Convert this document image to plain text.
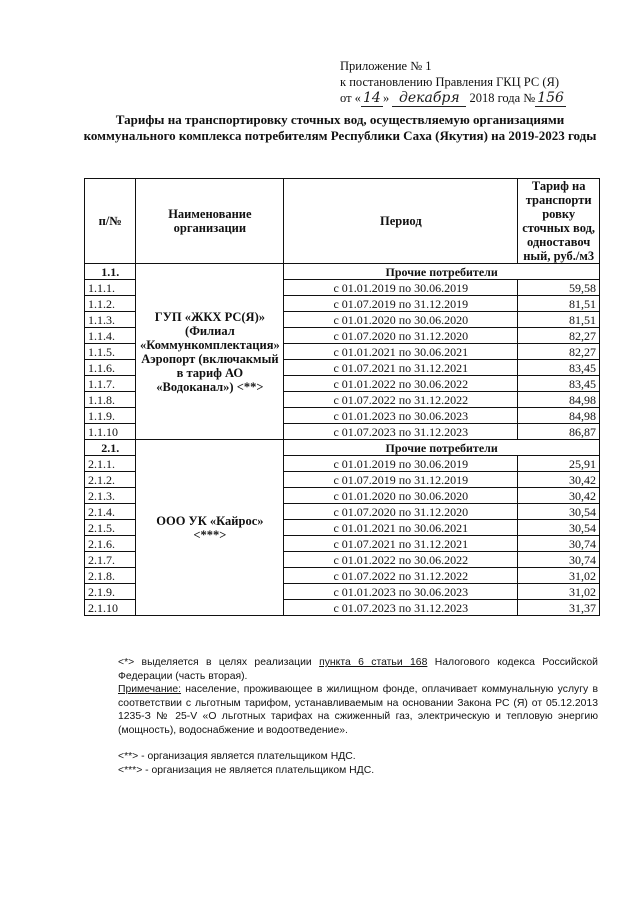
Приложение № 1
к постановлению Правления ГКЦ РС (Я)
от « 14 » декабря 2018 года № 156
Тарифы на транспортировку сточных вод, осуществляемую организациями коммунального комплекса потребителям Республики Саха (Якутия) на 2019-2023 годы
п/№	Наименование организации	Период	Тариф на транспорти ровку сточных вод, одноставоч ный, руб./м3
1.1.	ГУП «ЖКХ РС(Я)» (Филиал «Коммункомплектация» Аэропорт (включакмый в тариф АО «Водоканал») <**>	Прочие потребители	
1.1.1.		с 01.01.2019 по 30.06.2019	59,58
1.1.2.		с 01.07.2019 по 31.12.2019	81,51
1.1.3.		с 01.01.2020 по 30.06.2020	81,51
1.1.4.		с 01.07.2020 по 31.12.2020	82,27
1.1.5.		с 01.01.2021 по 30.06.2021	82,27
1.1.6.		с 01.07.2021 по 31.12.2021	83,45
1.1.7.		с 01.01.2022 по 30.06.2022	83,45
1.1.8.		с 01.07.2022 по 31.12.2022	84,98
1.1.9.		с 01.01.2023 по 30.06.2023	84,98
1.1.10		с 01.07.2023 по 31.12.2023	86,87
2.1.	ООО УК «Кайрос» <***>	Прочие потребители	
2.1.1.		с 01.01.2019 по 30.06.2019	25,91
2.1.2.		с 01.07.2019 по 31.12.2019	30,42
2.1.3.		с 01.01.2020 по 30.06.2020	30,42
2.1.4.		с 01.07.2020 по 31.12.2020	30,54
2.1.5.		с 01.01.2021 по 30.06.2021	30,54
2.1.6.		с 01.07.2021 по 31.12.2021	30,74
2.1.7.		с 01.01.2022 по 30.06.2022	30,74
2.1.8.		с 01.07.2022 по 31.12.2022	31,02
2.1.9.		с 01.01.2023 по 30.06.2023	31,02
2.1.10		с 01.07.2023 по 31.12.2023	31,37

<*> выделяется в целях реализации пункта 6 статьи 168 Налогового кодекса Российской Федерации (часть вторая).

Примечание: население, проживающее в жилищном фонде, оплачивает коммунальную услугу в соответствии с льготным тарифом, устанавливаемым на основании Закона РС (Я) от 05.12.2013 1235-З № 25-V «О льготных тарифах на сжиженный газ, электрическую и тепловую энергию (мощность), водоснабжение и водоотведение».

<**> - организация является плательщиком НДС.

<***> - организация не является плательщиком НДС.
